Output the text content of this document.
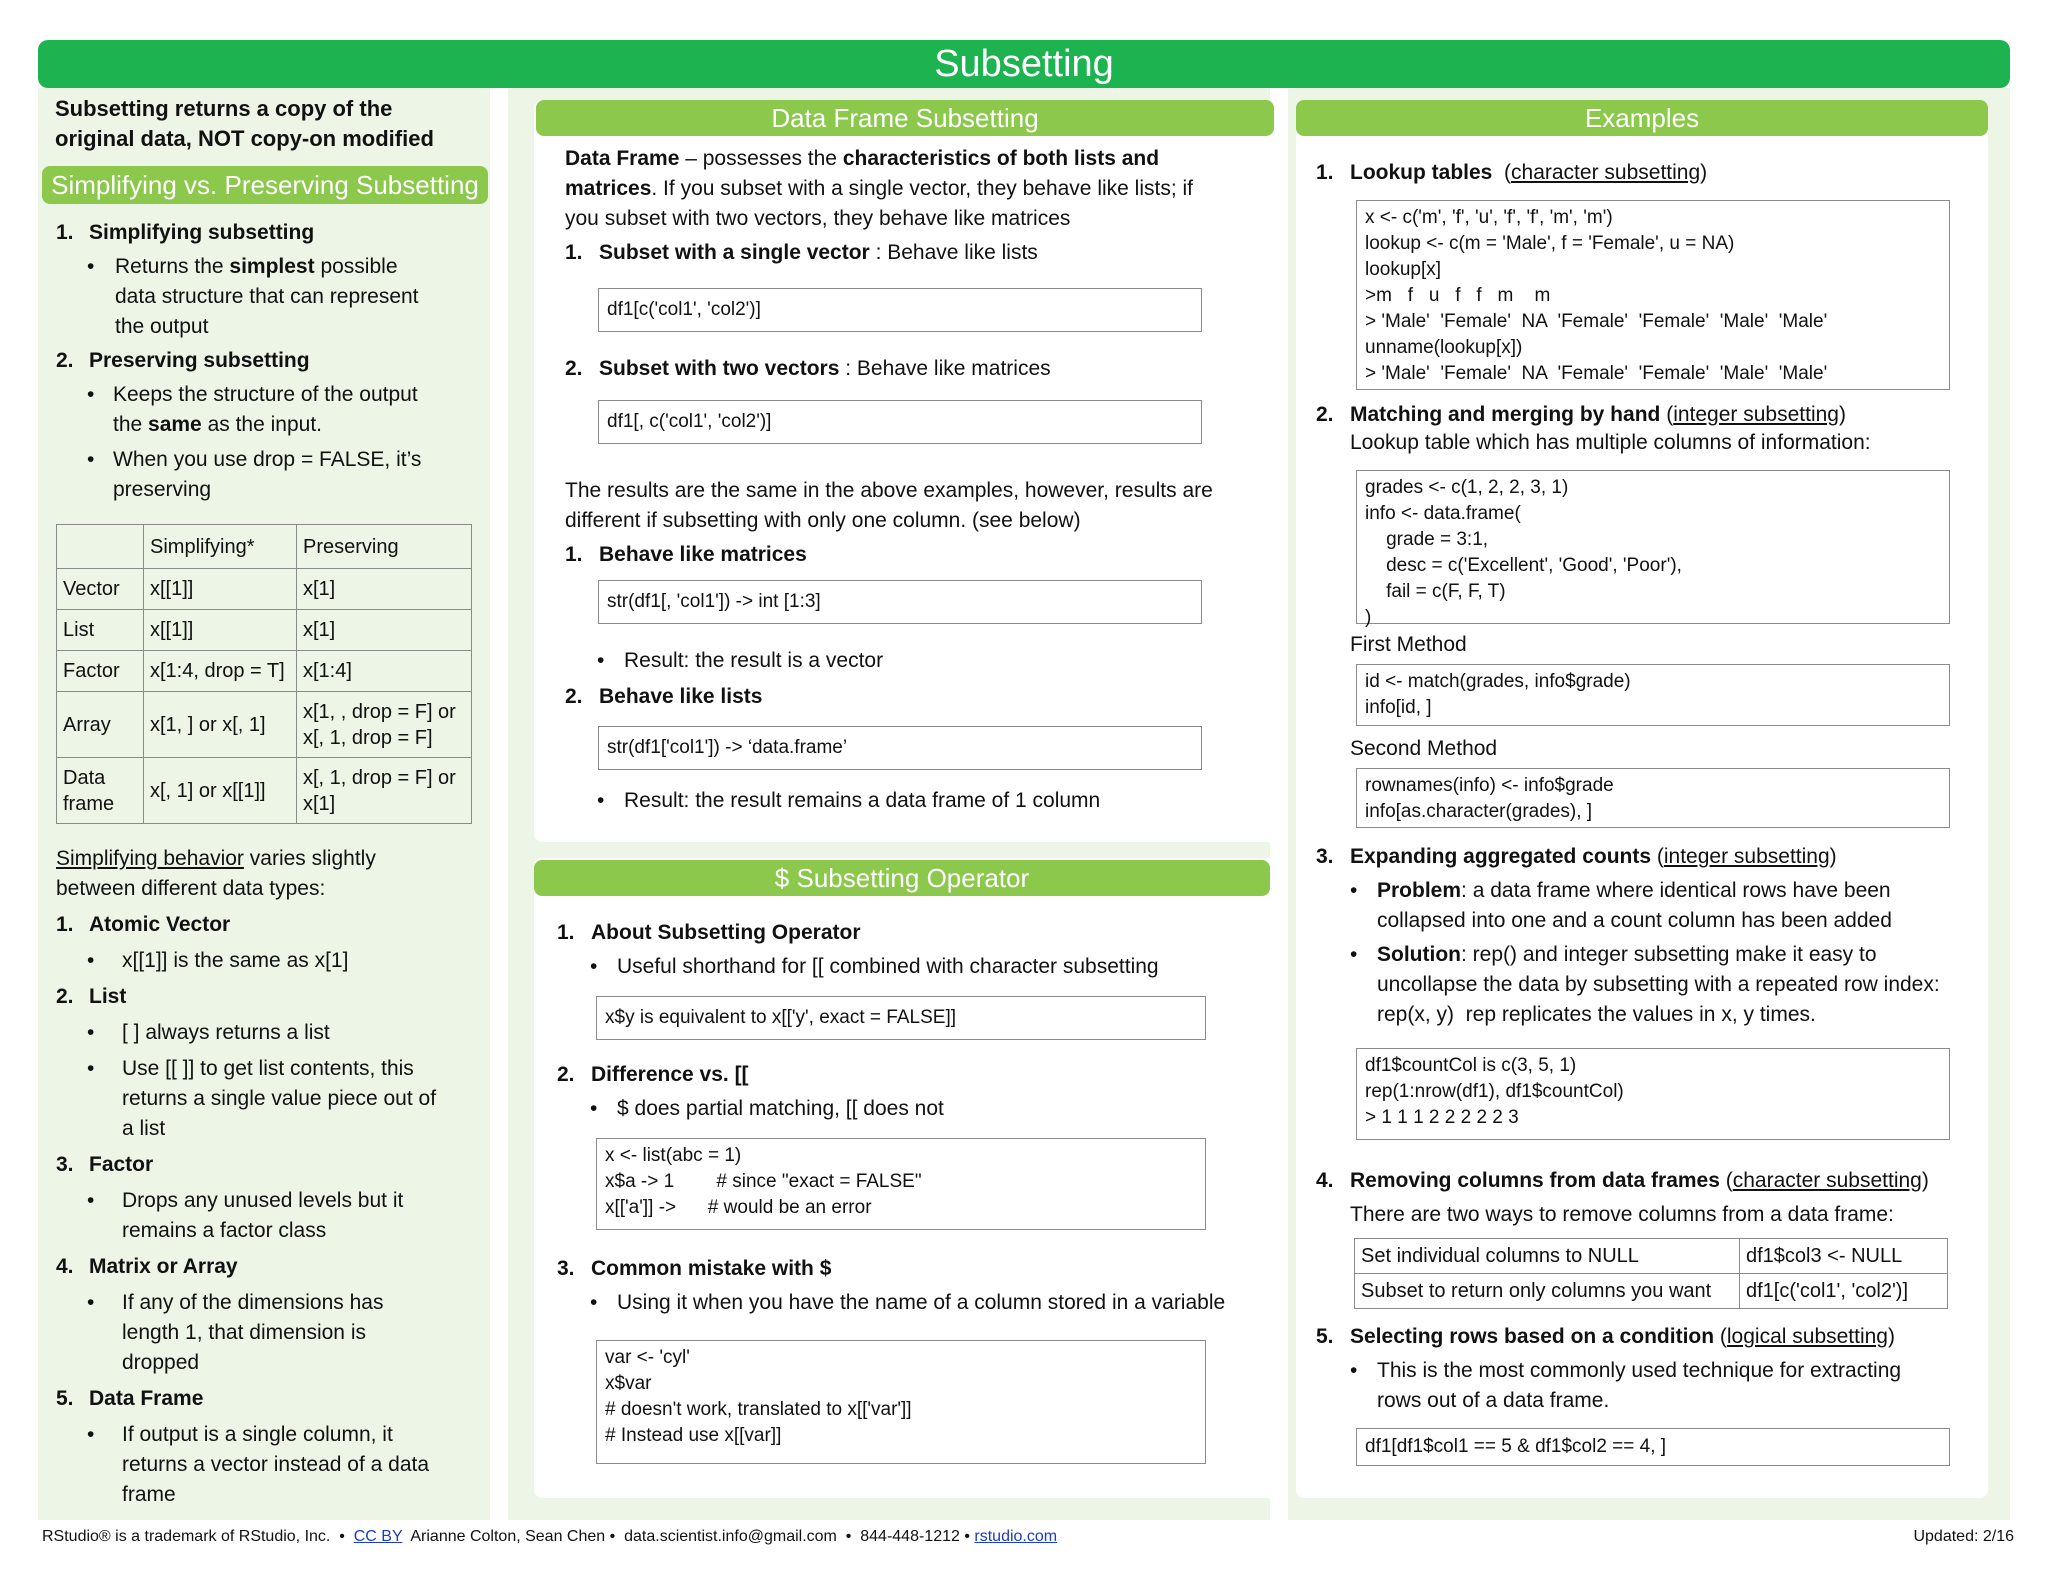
Subsetting
Subsetting returns a copy of the
original data, NOT copy-on modified
Simplifying vs. Preserving Subsetting
1. Simplifying subsetting
• Returns the simplest possible
data structure that can represent
the output
2. Preserving subsetting
• Keeps the structure of the output
the same as the input.
• When you use drop = FALSE, it’s
preserving
	Simplifying*	Preserving
Vector	x[[1]]	x[1]
List	x[[1]]	x[1]
Factor	x[1:4, drop = T]	x[1:4]
Array	x[1, ] or x[, 1]	x[1, , drop = F] or x[, 1, drop = F]
Data frame	x[, 1] or x[[1]]	x[, 1, drop = F] or x[1]
Simplifying behavior varies slightly
between different data types:
1. Atomic Vector
• x[[1]] is the same as x[1]
2. List
• [ ] always returns a list
• Use [[ ]] to get list contents, this
returns a single value piece out of
a list
3. Factor
• Drops any unused levels but it
remains a factor class
4. Matrix or Array
• If any of the dimensions has
length 1, that dimension is
dropped
5. Data Frame
• If output is a single column, it
returns a vector instead of a data
frame
Data Frame Subsetting
Data Frame – possesses the characteristics of both lists and
matrices. If you subset with a single vector, they behave like lists; if
you subset with two vectors, they behave like matrices
1. Subset with a single vector : Behave like lists
df1[c('col1', 'col2')]
2. Subset with two vectors : Behave like matrices
df1[, c('col1', 'col2')]
The results are the same in the above examples, however, results are
different if subsetting with only one column. (see below)
1. Behave like matrices
str(df1[, 'col1']) -> int [1:3]
• Result: the result is a vector
2. Behave like lists
str(df1['col1']) -> ‘data.frame’
• Result: the result remains a data frame of 1 column
$ Subsetting Operator
1. About Subsetting Operator
• Useful shorthand for [[ combined with character subsetting
x$y is equivalent to x[['y', exact = FALSE]]
2. Difference vs. [[
• $ does partial matching, [[ does not
x <- list(abc = 1)
x$a -> 1        # since "exact = FALSE"
x[['a']] ->      # would be an error
3. Common mistake with $
• Using it when you have the name of a column stored in a variable
var <- 'cyl'
x$var
# doesn't work, translated to x[['var']]
# Instead use x[[var]]
Examples
1. Lookup tables  (character subsetting)
x <- c('m', 'f', 'u', 'f', 'f', 'm', 'm')
lookup <- c(m = 'Male', f = 'Female', u = NA)
lookup[x]
>m   f   u   f   f   m    m
> 'Male'  'Female'  NA  'Female'  'Female'  'Male'  'Male'
unname(lookup[x])
> 'Male'  'Female'  NA  'Female'  'Female'  'Male'  'Male'
2. Matching and merging by hand (integer subsetting)
Lookup table which has multiple columns of information:
grades <- c(1, 2, 2, 3, 1)
info <- data.frame(
grade = 3:1,
desc = c('Excellent', 'Good', 'Poor'),
fail = c(F, F, T)
)
First Method
id <- match(grades, info$grade)
info[id, ]
Second Method
rownames(info) <- info$grade
info[as.character(grades), ]
3. Expanding aggregated counts (integer subsetting)
• Problem: a data frame where identical rows have been
collapsed into one and a count column has been added
• Solution: rep() and integer subsetting make it easy to
uncollapse the data by subsetting with a repeated row index:
rep(x, y)  rep replicates the values in x, y times.
df1$countCol is c(3, 5, 1)
rep(1:nrow(df1), df1$countCol)
> 1 1 1 2 2 2 2 2 3
4. Removing columns from data frames (character subsetting)
There are two ways to remove columns from a data frame:
Set individual columns to NULL	df1$col3 <- NULL
Subset to return only columns you want	df1[c('col1', 'col2')]
5. Selecting rows based on a condition (logical subsetting)
• This is the most commonly used technique for extracting
rows out of a data frame.
df1[df1$col1 == 5 & df1$col2 == 4, ]
RStudio® is a trademark of RStudio, Inc.  •  CC BY  Arianne Colton, Sean Chen •  data.scientist.info@gmail.com  •  844-448-1212 • rstudio.com	Updated: 2/16
